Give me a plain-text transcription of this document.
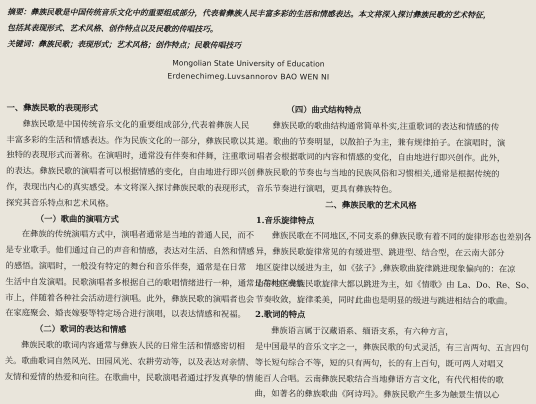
摘要：彝族民歌是中国传统音乐文化中的重要组成部分，代表着彝族人民丰富多彩的生活和情感表达。本文将深入探讨彝族民歌的艺术特征，包括其表现形式、艺术风格、创作特点以及民歌的传唱技巧。

关键词：彝族民歌；表现形式；艺术风格；创作特点；民歌传唱技巧

Mongolian State University of Education

Erdenechimeg.Luvsannorov BAO WEN NI

一、彝族民歌的表现形式

彝族民歌是中国传统音乐文化的重要组成部分,代表着彝族人民

丰富多彩的生活和情感表达。作为民族文化的一部分，彝族民歌以其

独特的表现形式而著称。在演唱时，通常没有伴奏和伴舞，注重歌词

的表达。彝族民歌的演唱者可以根据情感的变化，自由地进行即兴创

作，表现出内心的真实感受。本文将深入探讨彝族民歌的表现形式，

探究其音乐特点和艺术风格。

（一）歌曲的演唱方式

在彝族的传统演唱方式中，演唱者通常是当地的普通人民，而不

是专业歌手。他们通过自己的声音和情感，表达对生活、自然和情感

的感悟。演唱时，一般没有特定的舞台和音乐伴奏，通常是在日常

生活中自发演唱。民歌演唱者多根据自己的歌唱情绪进行一种，通常是在村庄或集

市上，伴随着各种社会活动进行演唱。此外，彝族民歌的演唱者也会

在家庭聚会、婚丧嫁娶等特定场合进行演唱，以表达情感和祝福。

（二）歌词的表达和情感

彝族民歌的歌词内容通常与彝族人民的日常生活和情感密切相

关。歌曲歌词自然风光、田园风光、农耕劳动等，以及表达对亲情、

友情和爱情的热爱和向往。在歌曲中，民歌演唱者通过抒发真挚的情

（四）曲式结构特点

彝族民歌的歌曲结构通常简单朴实,注重歌词的表达和情感的传

递。歌曲的节奏明显，以散拍子为主，兼有规律拍子。在演唱时，演

唱者会根据歌词的内容和情感的变化，自由地进行即兴创作。此外，

彝族民歌的节奏也与当地的民族风俗和习惯相关,通常是根据传统的

音乐节奏进行演唱，更具有彝族特色。

二、彝族民歌的艺术风格

1.音乐旋律特点

彝族民歌在不同地区,不同支系的彝族民歌有着不同的旋律形态也差别各

异，彝族民歌旋律常见的有缓进型、跳进型、结合型，在云南大部分

地区旋律以缓进为主，如《弦子》,彝族歌曲旋律跳进现象偏向的：在凉

山等地区彝族民歌旋律大都以跳进为主，如《情歌》由 La、Do、Re、So、

节奏收敛，旋律柔美，同时此曲也是明显的级进与跳进相结合的歌曲。

2.歌词的特点

彝族语言属于汉藏语系、缅语支系，有六种方言，

是中国最早的音乐文字之一，彝族民歌的句式灵活，有三言两句、五言四句

等长短句综合不等，短的只有两句，长的有上百句，既可两人对唱又

能百人合唱。云南彝族民歌结合当地彝语方言文化，有代代相传的歌

曲，如著名的彝族歌曲《阿诗玛》。彝族民歌产生多为触景生情以心
